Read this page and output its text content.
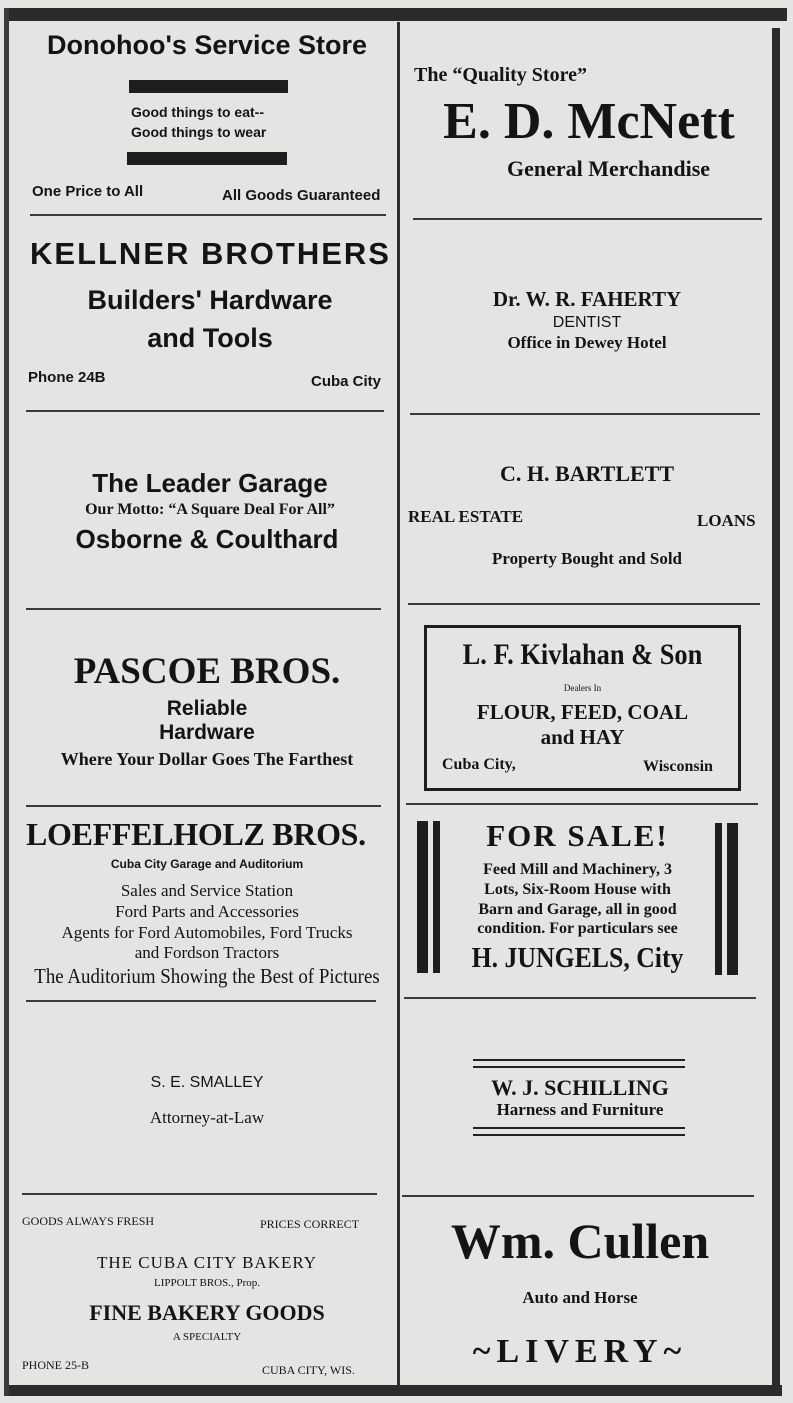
Donohoo's Service Store
Good things to eat--
Good things to wear
One Price to All	All Goods Guaranteed
KELLNER BROTHERS
Builders' Hardware
and Tools
Phone 24B	Cuba City
The Leader Garage
Our Motto: “A Square Deal For All”
Osborne & Coulthard
PASCOE BROS.
Reliable
Hardware
Where Your Dollar Goes The Farthest
LOEFFELHOLZ BROS.
Cuba City Garage and Auditorium
Sales and Service Station
Ford Parts and Accessories
Agents for Ford Automobiles, Ford Trucks
and Fordson Tractors
The Auditorium Showing the Best of Pictures
S. E. SMALLEY
Attorney-at-Law
GOODS ALWAYS FRESH	PRICES CORRECT
THE CUBA CITY BAKERY
LIPPOLT BROS., Prop.
FINE BAKERY GOODS
A SPECIALTY
PHONE 25-B	CUBA CITY, WIS.
The “Quality Store”
E. D. McNett
General Merchandise
Dr. W. R. FAHERTY
DENTIST
Office in Dewey Hotel
C. H. BARTLETT
REAL ESTATE	LOANS
Property Bought and Sold
L. F. Kivlahan & Son
Dealers In
FLOUR, FEED, COAL
and HAY
Cuba City,	Wisconsin
FOR SALE!
Feed Mill and Machinery, 3
Lots, Six-Room House with
Barn and Garage, all in good
condition. For particulars see
H. JUNGELS, City
W. J. SCHILLING
Harness and Furniture
Wm. Cullen
Auto and Horse
~LIVERY~
